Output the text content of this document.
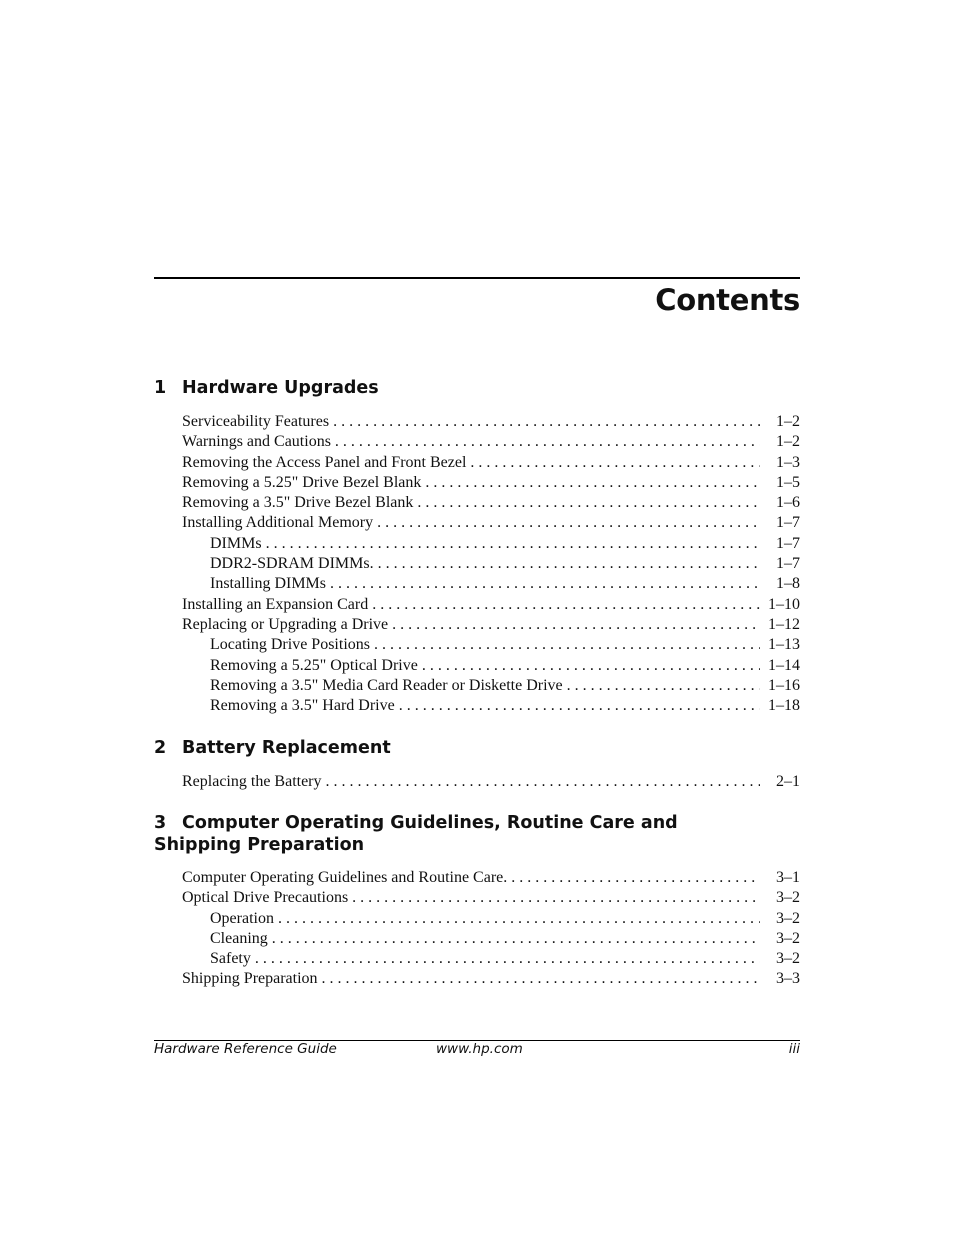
Contents
1 Hardware Upgrades
Serviceability Features . . .	1–2
Warnings and Cautions . . .	1–2
Removing the Access Panel and Front Bezel . . .	1–3
Removing a 5.25" Drive Bezel Blank . . .	1–5
Removing a 3.5" Drive Bezel Blank . . .	1–6
Installing Additional Memory . . .	1–7
DIMMs . . .	1–7
DDR2-SDRAM DIMMs. . . .	1–7
Installing DIMMs . . .	1–8
Installing an Expansion Card . . .	1–10
Replacing or Upgrading a Drive . . .	1–12
Locating Drive Positions . . .	1–13
Removing a 5.25" Optical Drive . . .	1–14
Removing a 3.5" Media Card Reader or Diskette Drive . . .	1–16
Removing a 3.5" Hard Drive . . .	1–18
2 Battery Replacement
Replacing the Battery . . .	2–1
3 Computer Operating Guidelines, Routine Care and
Shipping Preparation
Computer Operating Guidelines and Routine Care. . . .	3–1
Optical Drive Precautions . . .	3–2
Operation . . .	3–2
Cleaning . . .	3–2
Safety . . .	3–2
Shipping Preparation . . .	3–3
Hardware Reference Guide	www.hp.com	iii
